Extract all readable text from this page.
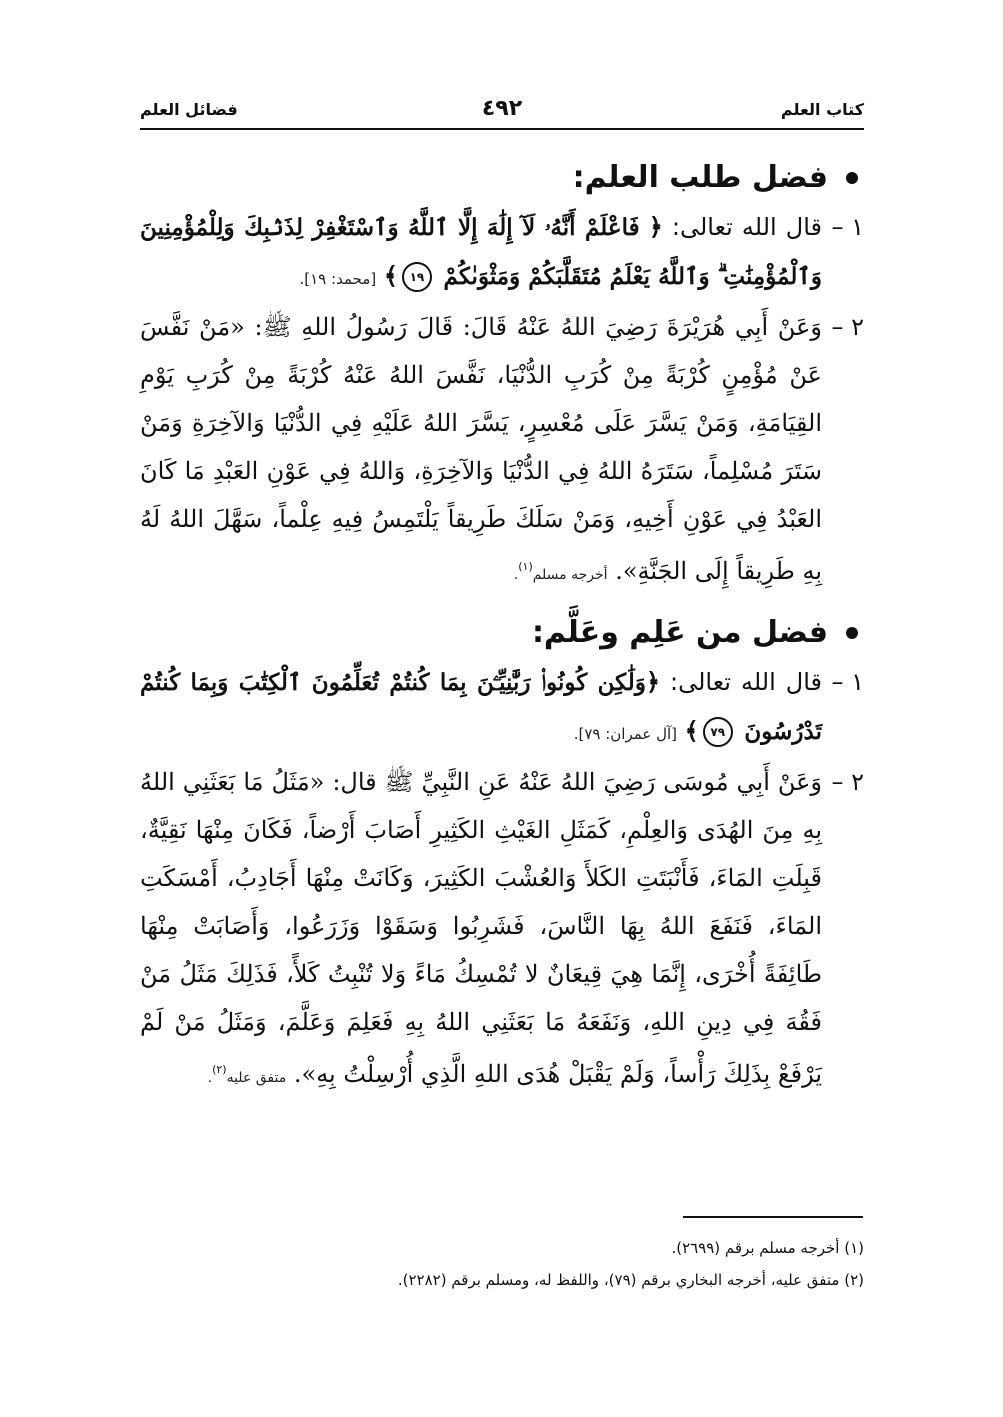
كتاب العلم
٤٩٢
فضائل العلم
فضل طلب العلم:
١ –
قال الله تعالى: ﴿ فَاعْلَمْ أَنَّهُۥ لَآ إِلَٰهَ إِلَّا ٱللَّهُ وَٱسْتَغْفِرْ لِذَنۢبِكَ وَلِلْمُؤْمِنِينَ وَٱلْمُؤْمِنَٰتِ ۗ وَٱللَّهُ يَعْلَمُ مُتَقَلَّبَكُمْ وَمَثْوَىٰكُمْ ١٩﴾ [محمد: ١٩].
٢ –
وَعَنْ أَبِي هُرَيْرَةَ رَضِيَ اللهُ عَنْهُ قَالَ: قَالَ رَسُولُ اللهِ ﷺ: «مَنْ نَفَّسَ عَنْ مُؤْمِنٍ كُرْبَةً مِنْ كُرَبِ الدُّنْيَا، نَفَّسَ اللهُ عَنْهُ كُرْبَةً مِنْ كُرَبِ يَوْمِ القِيَامَةِ، وَمَنْ يَسَّرَ عَلَى مُعْسِرٍ، يَسَّرَ اللهُ عَلَيْهِ فِي الدُّنْيَا وَالآخِرَةِ وَمَنْ سَتَرَ مُسْلِماً، سَتَرَهُ اللهُ فِي الدُّنْيَا وَالآخِرَةِ، وَاللهُ فِي عَوْنِ العَبْدِ مَا كَانَ العَبْدُ فِي عَوْنِ أَخِيهِ، وَمَنْ سَلَكَ طَرِيقاً يَلْتَمِسُ فِيهِ عِلْماً، سَهَّلَ اللهُ لَهُ بِهِ طَرِيقاً إِلَى الجَنَّةِ». أخرجه مسلم$^{(١)}$.
فضل من عَلِم وعَلَّم:
١ –
قال الله تعالى: ﴿وَلَٰكِن كُونُوا۟ رَبَّٰنِيِّـۧنَ بِمَا كُنتُمْ تُعَلِّمُونَ ٱلْكِتَٰبَ وَبِمَا كُنتُمْ تَدْرُسُونَ ٧٩﴾ [آل عمران: ٧٩].
٢ –
وَعَنْ أَبِي مُوسَى رَضِيَ اللهُ عَنْهُ عَنِ النَّبِيِّ ﷺ قال: «مَثَلُ مَا بَعَثَنِي اللهُ بِهِ مِنَ الهُدَى وَالعِلْمِ، كَمَثَلِ الغَيْثِ الكَثِيرِ أَصَابَ أَرْضاً، فَكَانَ مِنْهَا نَقِيَّةٌ، قَبِلَتِ المَاءَ، فَأَنْبَتَتِ الكَلأَ وَالعُشْبَ الكَثِيرَ، وَكَانَتْ مِنْهَا أَجَادِبُ، أَمْسَكَتِ المَاءَ، فَنَفَعَ اللهُ بِهَا النَّاسَ، فَشَرِبُوا وَسَقَوْا وَزَرَعُوا، وَأَصَابَتْ مِنْهَا طَائِفَةً أُخْرَى، إِنَّمَا هِيَ قِيعَانٌ لا تُمْسِكُ مَاءً وَلا تُنْبِتُ كَلأً، فَذَلِكَ مَثَلُ مَنْ فَقُهَ فِي دِينِ اللهِ، وَنَفَعَهُ مَا بَعَثَنِي اللهُ بِهِ فَعَلِمَ وَعَلَّمَ، وَمَثَلُ مَنْ لَمْ يَرْفَعْ بِذَلِكَ رَأْساً، وَلَمْ يَقْبَلْ هُدَى اللهِ الَّذِي أُرْسِلْتُ بِهِ». متفق عليه$^{(٢)}$.
(١) أخرجه مسلم برقم (٢٦٩٩).
(٢) متفق عليه، أخرجه البخاري برقم (٧٩)، واللفظ له، ومسلم برقم (٢٢٨٢).
